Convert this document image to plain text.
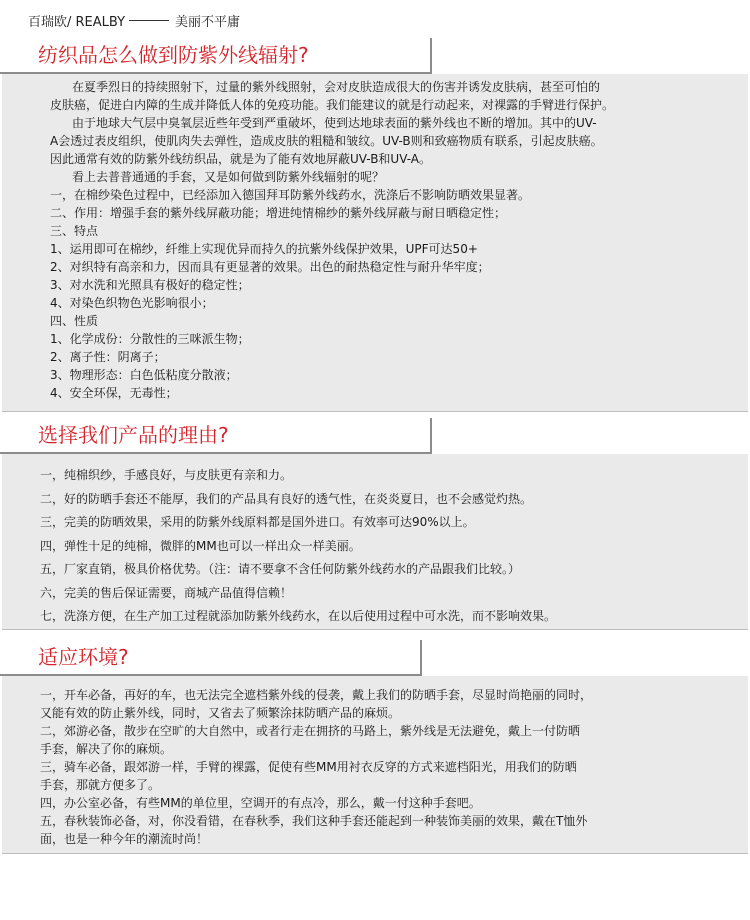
百瑞欧/ REALBY	美丽不平庸
纺织品怎么做到防紫外线辐射?
在夏季烈日的持续照射下，过量的紫外线照射，会对皮肤造成很大的伤害并诱发皮肤病，甚至可怕的
皮肤癌，促进白内障的生成并降低人体的免疫功能。我们能建议的就是行动起来，对裸露的手臂进行保护。
由于地球大气层中臭氧层近些年受到严重破坏，使到达地球表面的紫外线也不断的增加。其中的UV-
A会透过表皮组织，使肌肉失去弹性，造成皮肤的粗糙和皱纹。UV-B则和致癌物质有联系，引起皮肤癌。
因此通常有效的防紫外线纺织品，就是为了能有效地屏蔽UV-B和UV-A。
看上去普普通通的手套，又是如何做到防紫外线辐射的呢？
一，在棉纱染色过程中，已经添加入德国拜耳防紫外线药水，洗涤后不影响防晒效果显著。
二、作用：增强手套的紫外线屏蔽功能；增进纯情棉纱的紫外线屏蔽与耐日晒稳定性；
三、特点
1、运用即可在棉纱，纤维上实现优异而持久的抗紫外线保护效果，UPF可达50+
2、对织特有高亲和力，因而具有更显著的效果。出色的耐热稳定性与耐升华牢度；
3、对水洗和光照具有极好的稳定性；
4、对染色织物色光影响很小；
四、性质
1、化学成份：分散性的三咪派生物；
2、离子性：阴离子；
3、物理形态：白色低粘度分散液；
4、安全环保，无毒性；
选择我们产品的理由?
一，纯棉织纱，手感良好，与皮肤更有亲和力。
二，好的防晒手套还不能厚，我们的产品具有良好的透气性，在炎炎夏日，也不会感觉灼热。
三，完美的防晒效果，采用的防紫外线原料都是国外进口。有效率可达90%以上。
四，弹性十足的纯棉，微胖的MM也可以一样出众一样美丽。
五，厂家直销，极具价格优势。（注：请不要拿不含任何防紫外线药水的产品跟我们比较。）
六，完美的售后保证需要，商城产品值得信赖！
七，洗涤方便，在生产加工过程就添加防紫外线药水，在以后使用过程中可水洗，而不影响效果。
适应环境?
一，开车必备，再好的车，也无法完全遮档紫外线的侵袭，戴上我们的防晒手套，尽显时尚艳丽的同时，
又能有效的防止紫外线，同时，又省去了频繁涂抹防晒产品的麻烦。
二，郊游必备，散步在空旷的大自然中，或者行走在拥挤的马路上，紫外线是无法避免，戴上一付防晒
手套，解决了你的麻烦。
三，骑车必备，跟郊游一样，手臂的裸露，促使有些MM用衬衣反穿的方式来遮档阳光，用我们的防晒
手套，那就方便多了。
四，办公室必备，有些MM的单位里，空调开的有点冷，那么，戴一付这种手套吧。
五，春秋装饰必备，对，你没看错，在春秋季，我们这种手套还能起到一种装饰美丽的效果，戴在T恤外
面，也是一种今年的潮流时尚！
